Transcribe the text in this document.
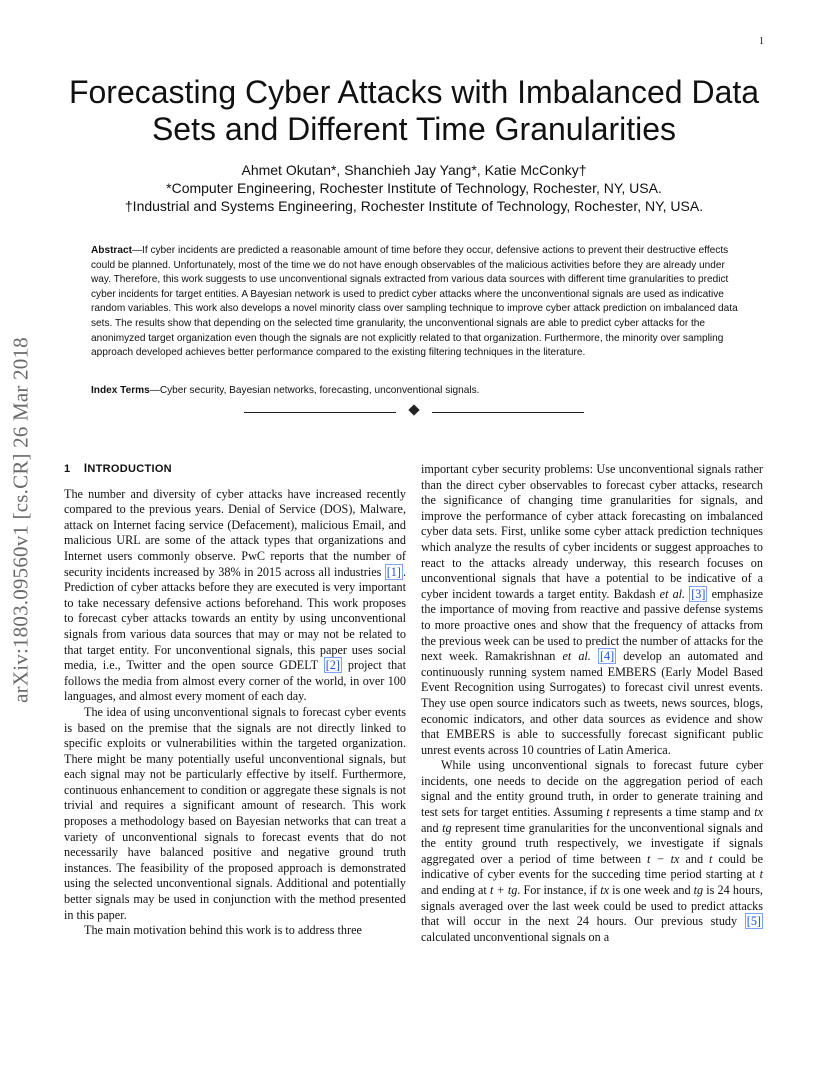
1
arXiv:1803.09560v1 [cs.CR] 26 Mar 2018
Forecasting Cyber Attacks with Imbalanced Data Sets and Different Time Granularities
Ahmet Okutan*, Shanchieh Jay Yang*, Katie McConky†
*Computer Engineering, Rochester Institute of Technology, Rochester, NY, USA.
†Industrial and Systems Engineering, Rochester Institute of Technology, Rochester, NY, USA.

Abstract—If cyber incidents are predicted a reasonable amount of time before they occur, defensive actions to prevent their destructive effects could be planned. Unfortunately, most of the time we do not have enough observables of the malicious activities before they are already under way. Therefore, this work suggests to use unconventional signals extracted from various data sources with different time granularities to predict cyber incidents for target entities. A Bayesian network is used to predict cyber attacks where the unconventional signals are used as indicative random variables. This work also develops a novel minority class over sampling technique to improve cyber attack prediction on imbalanced data sets. The results show that depending on the selected time granularity, the unconventional signals are able to predict cyber attacks for the anonimyzed target organization even though the signals are not explicitly related to that organization. Furthermore, the minority over sampling approach developed achieves better performance compared to the existing filtering techniques in the literature.

Index Terms—Cyber security, Bayesian networks, forecasting, unconventional signals.

1 INTRODUCTION

The number and diversity of cyber attacks have increased recently compared to the previous years. Denial of Service (DOS), Malware, attack on Internet facing service (Defacement), malicious Email, and malicious URL are some of the attack types that organizations and Internet users commonly observe. PwC reports that the number of security incidents increased by 38% in 2015 across all industries [1] . Prediction of cyber attacks before they are executed is very important to take necessary defensive actions beforehand. This work proposes to forecast cyber attacks towards an entity by using unconventional signals from various data sources that may or may not be related to that target entity. For unconventional signals, this paper uses social media, i.e., Twitter and the open source GDELT [2] project that follows the media from almost every corner of the world, in over 100 languages, and almost every moment of each day.

The idea of using unconventional signals to forecast cyber events is based on the premise that the signals are not directly linked to specific exploits or vulnerabilities within the targeted organization. There might be many potentially useful unconventional signals, but each signal may not be particularly effective by itself. Furthermore, continuous enhancement to condition or aggregate these signals is not trivial and requires a significant amount of research. This work proposes a methodology based on Bayesian networks that can treat a variety of unconventional signals to forecast events that do not necessarily have balanced positive and negative ground truth instances. The feasibility of the proposed approach is demonstrated using the selected unconventional signals. Additional and potentially better signals may be used in conjunction with the method presented in this paper.

The main motivation behind this work is to address three

important cyber security problems: Use unconventional signals rather than the direct cyber observables to forecast cyber attacks, research the significance of changing time granularities for signals, and improve the performance of cyber attack forecasting on imbalanced cyber data sets. First, unlike some cyber attack prediction techniques which analyze the results of cyber incidents or suggest approaches to react to the attacks already underway, this research focuses on unconventional signals that have a potential to be indicative of a cyber incident towards a target entity. Bakdash et al. [3] emphasize the importance of moving from reactive and passive defense systems to more proactive ones and show that the frequency of attacks from the previous week can be used to predict the number of attacks for the next week. Ramakrishnan et al. [4] develop an automated and continuously running system named EMBERS (Early Model Based Event Recognition using Surrogates) to forecast civil unrest events. They use open source indicators such as tweets, news sources, blogs, economic indicators, and other data sources as evidence and show that EMBERS is able to successfully forecast significant public unrest events across 10 countries of Latin America.

While using unconventional signals to forecast future cyber incidents, one needs to decide on the aggregation period of each signal and the entity ground truth, in order to generate training and test sets for target entities. Assuming t represents a time stamp and tx and tg represent time granularities for the unconventional signals and the entity ground truth respectively, we investigate if signals aggregated over a period of time between t − tx and t could be indicative of cyber events for the succeding time period starting at t and ending at t + tg. For instance, if tx is one week and tg is 24 hours, signals averaged over the last week could be used to predict attacks that will occur in the next 24 hours. Our previous study [5] calculated unconventional signals on a
